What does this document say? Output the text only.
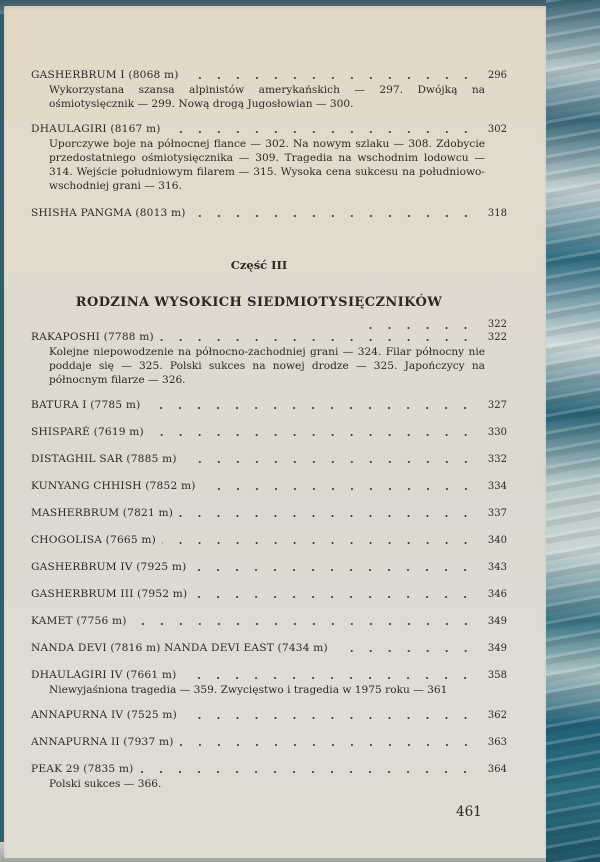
GASHERBRUM I (8068 m)	296
Wykorzystana szansa alpinistów amerykańskich — 297. Dwójką na ośmiotysięcznik — 299. Nową drogą Jugosłowian — 300.
DHAULAGIRI (8167 m)	302
Uporczywe boje na północnej flance — 302. Na nowym szlaku — 308. Zdobycie przedostatniego ośmiotysięcznika — 309. Tragedia na wschodnim lodowcu — 314. Wejście południowym filarem — 315. Wysoka cena sukcesu na południowo-wschodniej grani — 316.
SHISHA PANGMA (8013 m)	318
Część III
RODZINA WYSOKICH SIEDMIOTYSIĘCZNIKÓW
322
RAKAPOSHI (7788 m)	322
Kolejne niepowodzenie na północno-zachodniej grani — 324. Filar północny nie poddaje się — 325. Polski sukces na nowej drodze — 325. Japończycy na północnym filarze — 326.
BATURA I (7785 m)	327
SHISPARÉ (7619 m)	330
DISTAGHIL SAR (7885 m)	332
KUNYANG CHHISH (7852 m)	334
MASHERBRUM (7821 m)	337
CHOGOLISA (7665 m)	340
GASHERBRUM IV (7925 m)	343
GASHERBRUM III (7952 m)	346
KAMET (7756 m)	349
NANDA DEVI (7816 m) NANDA DEVI EAST (7434 m)	349
DHAULAGIRI IV (7661 m)	358
Niewyjaśniona tragedia — 359. Zwycięstwo i tragedia w 1975 roku — 361
ANNAPURNA IV (7525 m)	362
ANNAPURNA II (7937 m)	363
PEAK 29 (7835 m)	364
Polski sukces — 366.
461
